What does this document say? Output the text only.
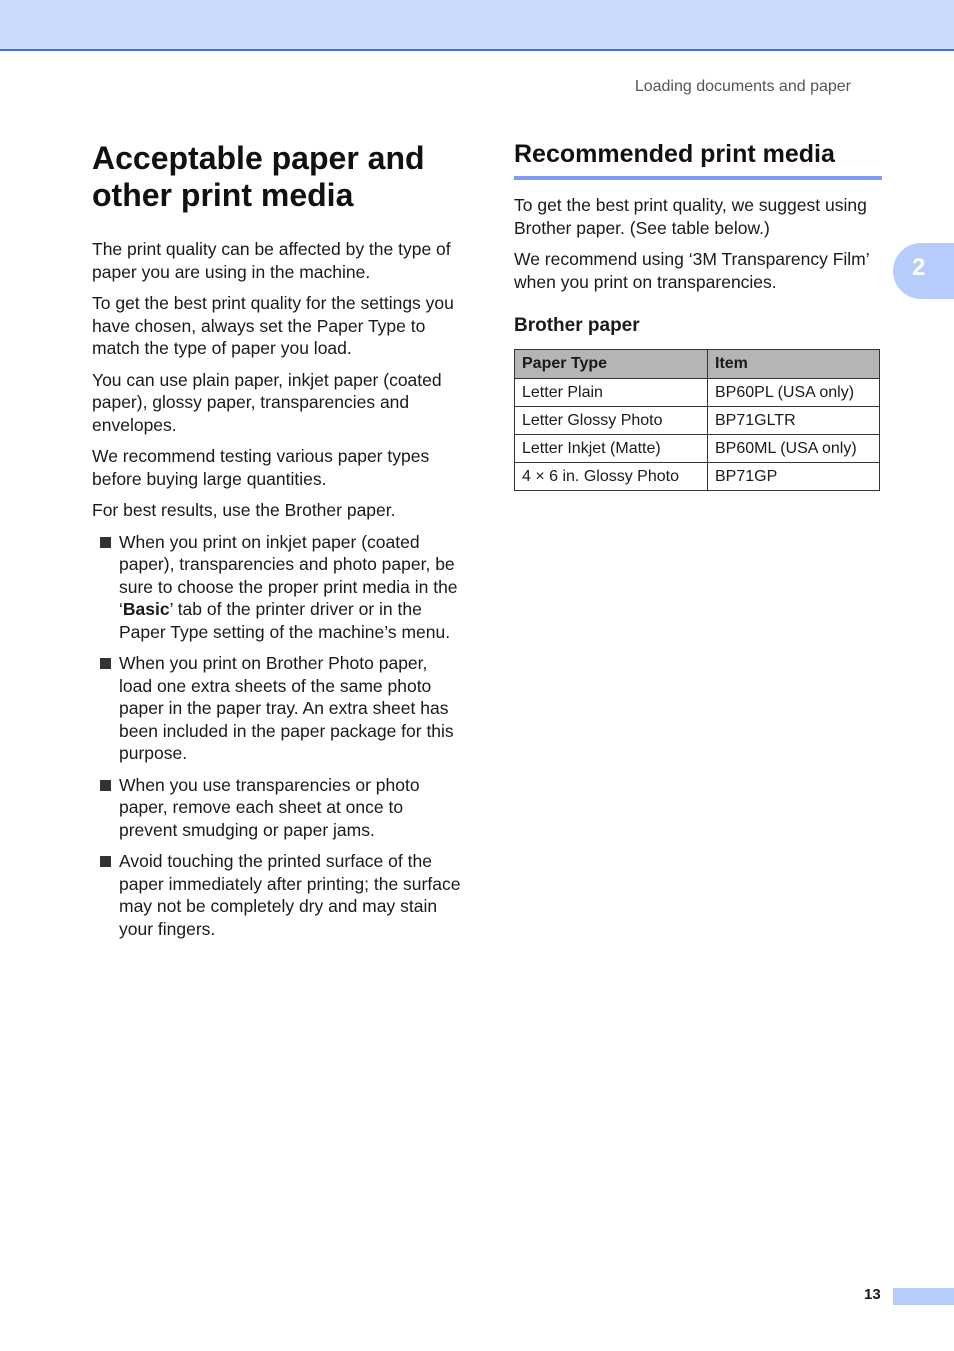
Loading documents and paper
Acceptable paper and other print media

The print quality can be affected by the type of paper you are using in the machine.

To get the best print quality for the settings you have chosen, always set the Paper Type to match the type of paper you load.

You can use plain paper, inkjet paper (coated paper), glossy paper, transparencies and envelopes.

We recommend testing various paper types before buying large quantities.

For best results, use the Brother paper.

When you print on inkjet paper (coated paper), transparencies and photo paper, be sure to choose the proper print media in the ‘Basic’ tab of the printer driver or in the Paper Type setting of the machine’s menu.
When you print on Brother Photo paper, load one extra sheets of the same photo paper in the paper tray. An extra sheet has been included in the paper package for this purpose.
When you use transparencies or photo paper, remove each sheet at once to prevent smudging or paper jams.
Avoid touching the printed surface of the paper immediately after printing; the surface may not be completely dry and may stain your fingers.
Recommended print media

To get the best print quality, we suggest using Brother paper. (See table below.)

We recommend using ‘3M Transparency Film’ when you print on transparencies.

Brother paper
Paper Type	Item
Letter Plain	BP60PL (USA only)
Letter Glossy Photo	BP71GLTR
Letter Inkjet (Matte)	BP60ML (USA only)
4 × 6 in. Glossy Photo	BP71GP
2
13
